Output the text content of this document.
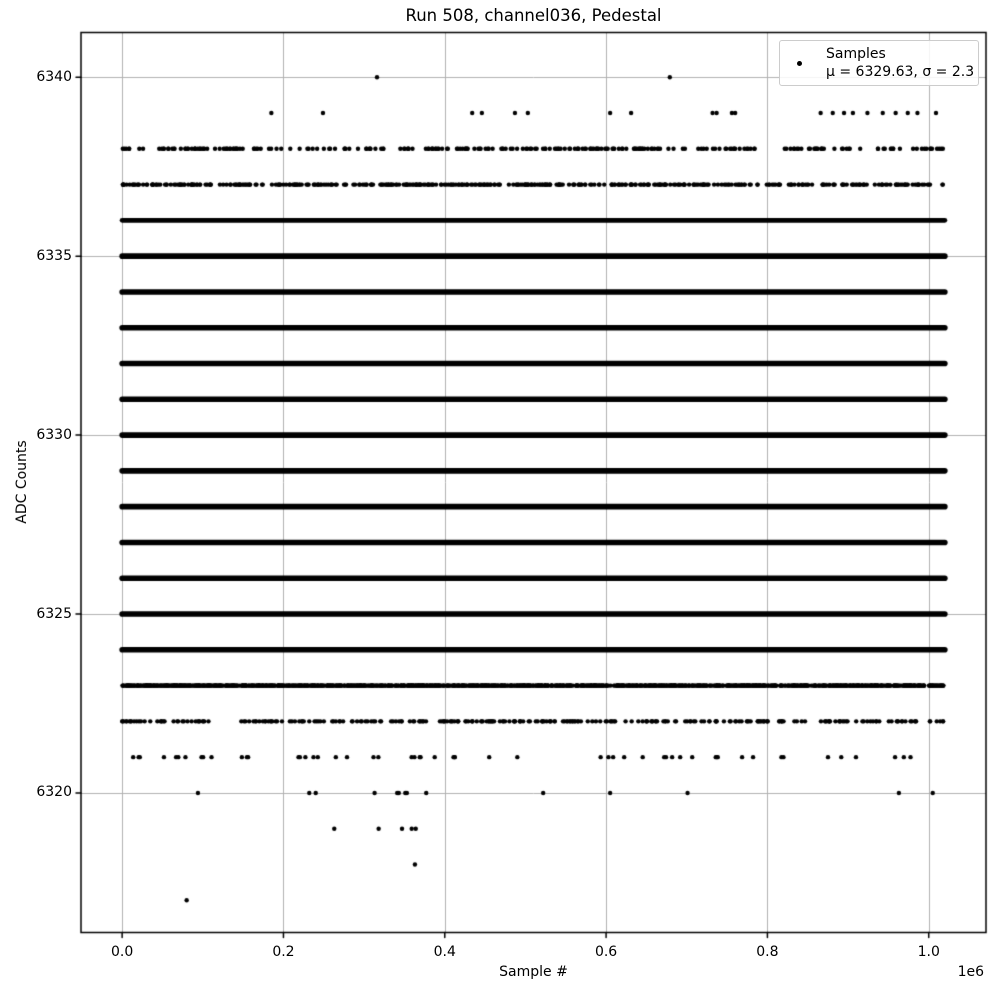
Run 508, channel036, Pedestal
ADC Counts
Sample #	1e6
0.0	0.2	0.4	0.6	0.8	1.0
6320
6325
6330
6335
6340
Samples
μ = 6329.63, σ = 2.3
